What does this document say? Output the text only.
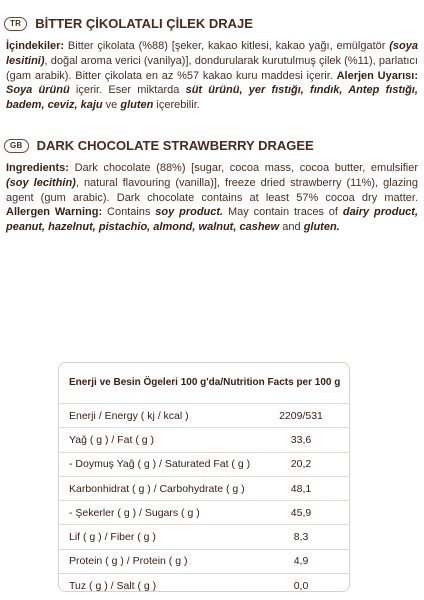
TR	BİTTER ÇİKOLATALI ÇİLEK DRAJE

İçindekiler: Bitter çikolata (%88) [şeker, kakao kitlesi, kakao yağı, emülgatör (soya lesitini), doğal aroma verici (vanilya)], dondurularak kurutulmuş çilek (%11), parlatıcı (gam arabik). Bitter çikolata en az %57 kakao kuru maddesi içerir. Alerjen Uyarısı: Soya ürünü içerir. Eser miktarda süt ürünü, yer fıstığı, fındık, Antep fıstığı, badem, ceviz, kaju ve gluten içerebilir.

GB	DARK CHOCOLATE STRAWBERRY DRAGEE

Ingredients: Dark chocolate (88%) [sugar, cocoa mass, cocoa butter, emulsifier (soy lecithin), natural flavouring (vanilla)], freeze dried strawberry (11%), glazing agent (gum arabic). Dark chocolate contains at least 57% cocoa dry matter. Allergen Warning: Contains soy product. May contain traces of dairy product, peanut, hazelnut, pistachio, almond, walnut, cashew and gluten.

Enerji ve Besin Ögeleri 100 g'da/Nutrition Facts per 100 g
Enerji / Energy ( kj / kcal )	2209/531
Yağ ( g ) / Fat ( g )	33,6
- Doymuş Yağ ( g ) / Saturated Fat ( g )	20,2
Karbonhidrat ( g ) / Carbohydrate ( g )	48,1
- Şekerler ( g ) / Sugars ( g )	45,9
Lif ( g ) / Fiber ( g )	8,3
Protein ( g ) / Protein ( g )	4,9
Tuz ( g ) / Salt ( g )	0,0
